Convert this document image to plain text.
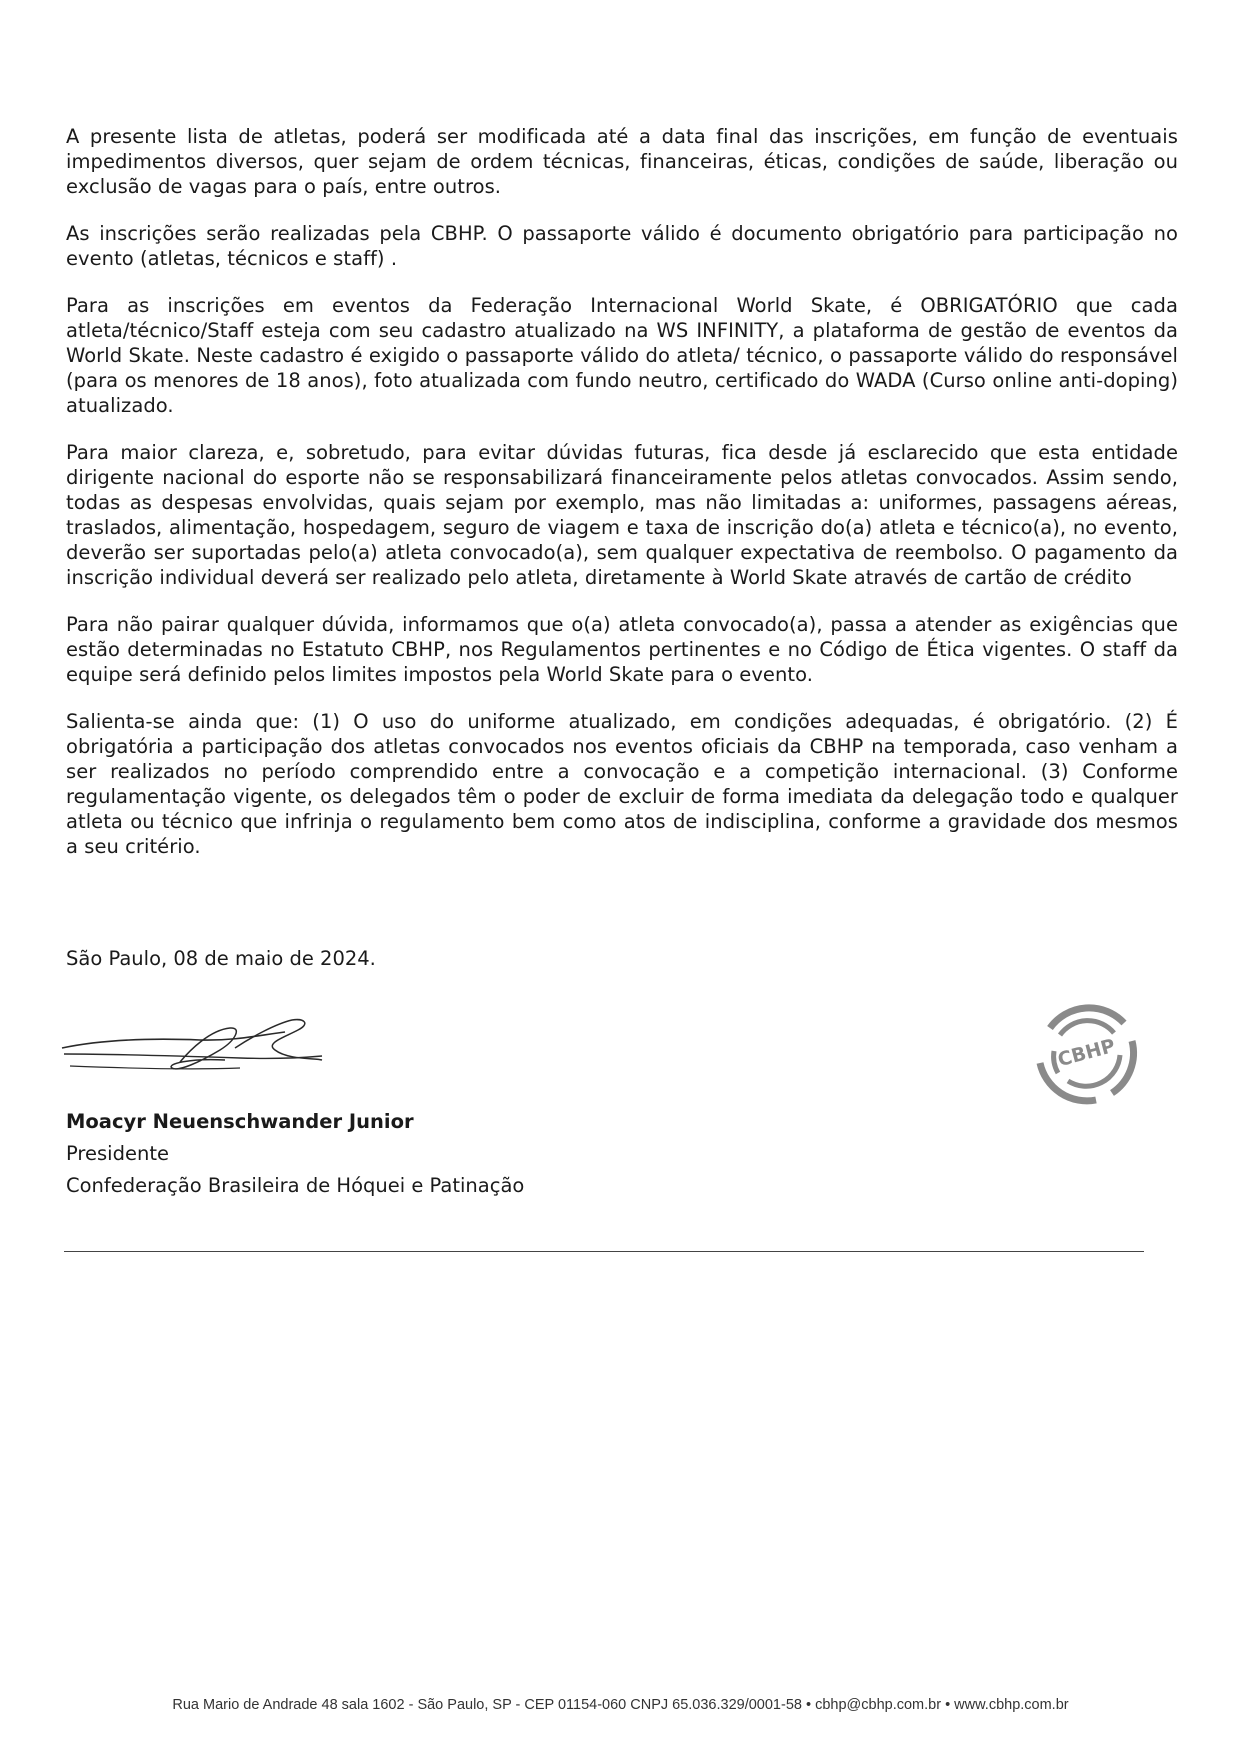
A presente lista de atletas, poderá ser modificada até a data final das inscrições, em função de eventuais impedimentos diversos, quer sejam de ordem técnicas, financeiras, éticas, condições de saúde, liberação ou exclusão de vagas para o país, entre outros.

As inscrições serão realizadas pela CBHP. O passaporte válido é documento obrigatório para participação no evento (atletas, técnicos e staff) .

Para as inscrições em eventos da Federação Internacional World Skate, é OBRIGATÓRIO que cada atleta/técnico/Staff esteja com seu cadastro atualizado na WS INFINITY, a plataforma de gestão de eventos da World Skate. Neste cadastro é exigido o passaporte válido do atleta/ técnico, o passaporte válido do responsável (para os menores de 18 anos), foto atualizada com fundo neutro, certificado do WADA (Curso online anti-doping) atualizado.

Para maior clareza, e, sobretudo, para evitar dúvidas futuras, fica desde já esclarecido que esta entidade dirigente nacional do esporte não se responsabilizará financeiramente pelos atletas convocados. Assim sendo, todas as despesas envolvidas, quais sejam por exemplo, mas não limitadas a: uniformes, passagens aéreas, traslados, alimentação, hospedagem, seguro de viagem e taxa de inscrição do(a) atleta e técnico(a), no evento, deverão ser suportadas pelo(a) atleta convocado(a), sem qualquer expectativa de reembolso. O pagamento da inscrição individual deverá ser realizado pelo atleta, diretamente à World Skate através de cartão de crédito

Para não pairar qualquer dúvida, informamos que o(a) atleta convocado(a), passa a atender as exigências que estão determinadas no Estatuto CBHP, nos Regulamentos pertinentes e no Código de Ética vigentes. O staff da equipe será definido pelos limites impostos pela World Skate para o evento.

Salienta-se ainda que: (1) O uso do uniforme atualizado, em condições adequadas, é obrigatório. (2) É obrigatória a participação dos atletas convocados nos eventos oficiais da CBHP na temporada, caso venham a ser realizados no período comprendido entre a convocação e a competição internacional. (3) Conforme regulamentação vigente, os delegados têm o poder de excluir de forma imediata da delegação todo e qualquer atleta ou técnico que infrinja o regulamento bem como atos de indisciplina, conforme a gravidade dos mesmos a seu critério.

São Paulo, 08 de maio de 2024.
CBHP
Moacyr Neuenschwander Junior
Presidente
Confederação Brasileira de Hóquei e Patinação
Rua Mario de Andrade 48 sala 1602 - São Paulo, SP - CEP 01154-060 CNPJ 65.036.329/0001-58 • cbhp@cbhp.com.br • www.cbhp.com.br
